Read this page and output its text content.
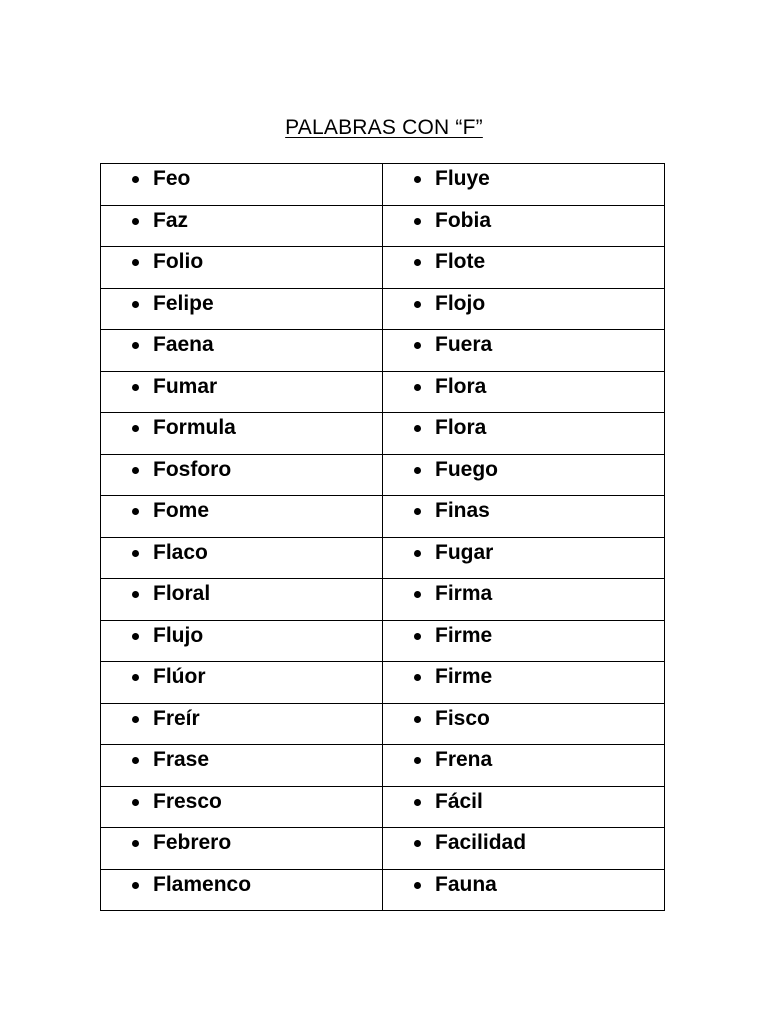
PALABRAS CON “F”
Feo	Fluye

Faz	Fobia

Folio	Flote

Felipe	Flojo

Faena	Fuera

Fumar	Flora

Formula	Flora

Fosforo	Fuego

Fome	Finas

Flaco	Fugar

Floral	Firma

Flujo	Firme

Flúor	Firme

Freír	Fisco

Frase	Frena

Fresco	Fácil

Febrero	Facilidad

Flamenco	Fauna
